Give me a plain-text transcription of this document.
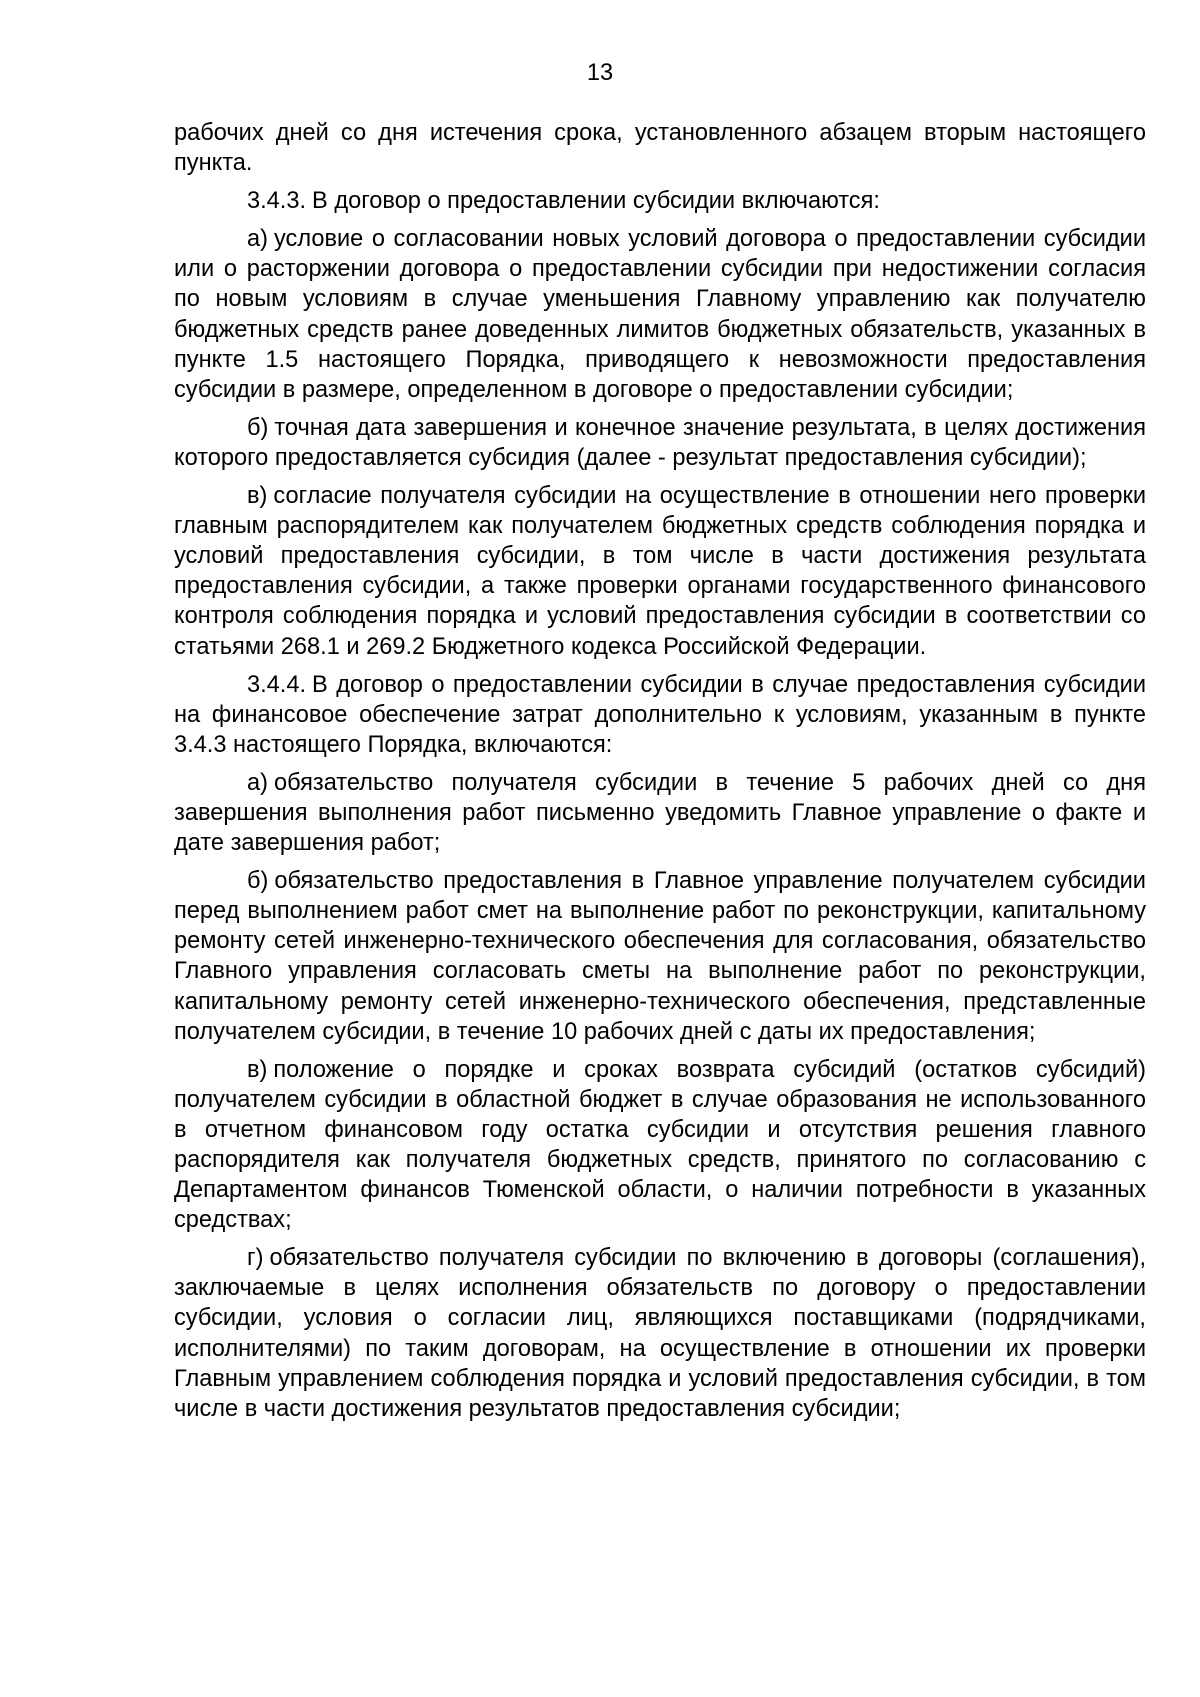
13

рабочих дней со дня истечения срока, установленного абзацем вторым настоящего пункта.

3.4.3. В договор о предоставлении субсидии включаются:

а) условие о согласовании новых условий договора о предоставлении субсидии или о расторжении договора о предоставлении субсидии при недостижении согласия по новым условиям в случае уменьшения Главному управлению как получателю бюджетных средств ранее доведенных лимитов бюджетных обязательств, указанных в пункте 1.5 настоящего Порядка, приводящего к невозможности предоставления субсидии в размере, определенном в договоре о предоставлении субсидии;

б) точная дата завершения и конечное значение результата, в целях достижения которого предоставляется субсидия (далее - результат предоставления субсидии);

в) согласие получателя субсидии на осуществление в отношении него проверки главным распорядителем как получателем бюджетных средств соблюдения порядка и условий предоставления субсидии, в том числе в части достижения результата предоставления субсидии, а также проверки органами государственного финансового контроля соблюдения порядка и условий предоставления субсидии в соответствии со статьями 268.1 и 269.2 Бюджетного кодекса Российской Федерации.

3.4.4. В договор о предоставлении субсидии в случае предоставления субсидии на финансовое обеспечение затрат дополнительно к условиям, указанным в пункте 3.4.3 настоящего Порядка, включаются:

а) обязательство получателя субсидии в течение 5 рабочих дней со дня завершения выполнения работ письменно уведомить Главное управление о факте и дате завершения работ;

б) обязательство предоставления в Главное управление получателем субсидии перед выполнением работ смет на выполнение работ по реконструкции, капитальному ремонту сетей инженерно-технического обеспечения для согласования, обязательство Главного управления согласовать сметы на выполнение работ по реконструкции, капитальному ремонту сетей инженерно-технического обеспечения, представленные получателем субсидии, в течение 10 рабочих дней с даты их предоставления;

в) положение о порядке и сроках возврата субсидий (остатков субсидий) получателем субсидии в областной бюджет в случае образования не использованного в отчетном финансовом году остатка субсидии и отсутствия решения главного распорядителя как получателя бюджетных средств, принятого по согласованию с Департаментом финансов Тюменской области, о наличии потребности в указанных средствах;

г) обязательство получателя субсидии по включению в договоры (соглашения), заключаемые в целях исполнения обязательств по договору о предоставлении субсидии, условия о согласии лиц, являющихся поставщиками (подрядчиками, исполнителями) по таким договорам, на осуществление в отношении их проверки Главным управлением соблюдения порядка и условий предоставления субсидии, в том числе в части достижения результатов предоставления субсидии;
